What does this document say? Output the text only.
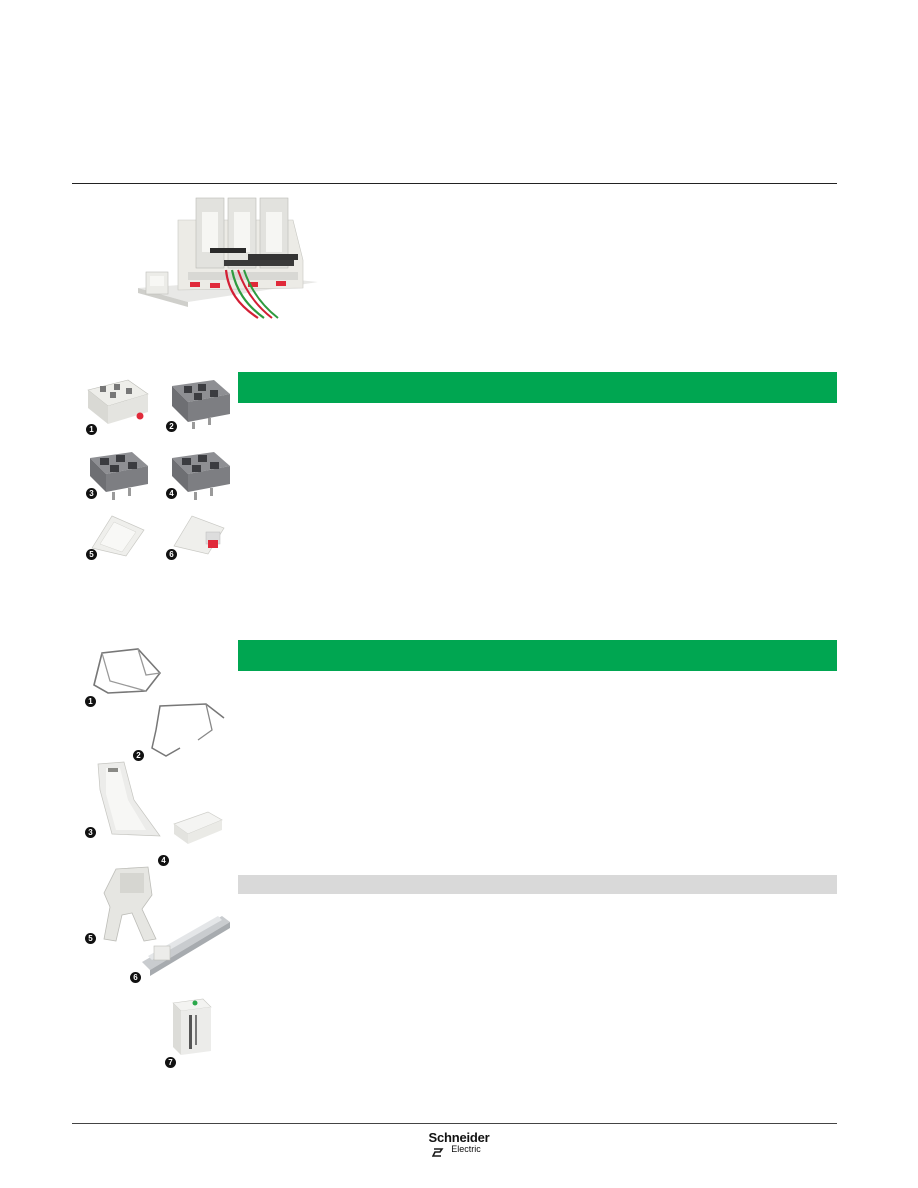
1	2
3	4
5	6

1
2
3
4
5
6
7

Schneider
Electric
